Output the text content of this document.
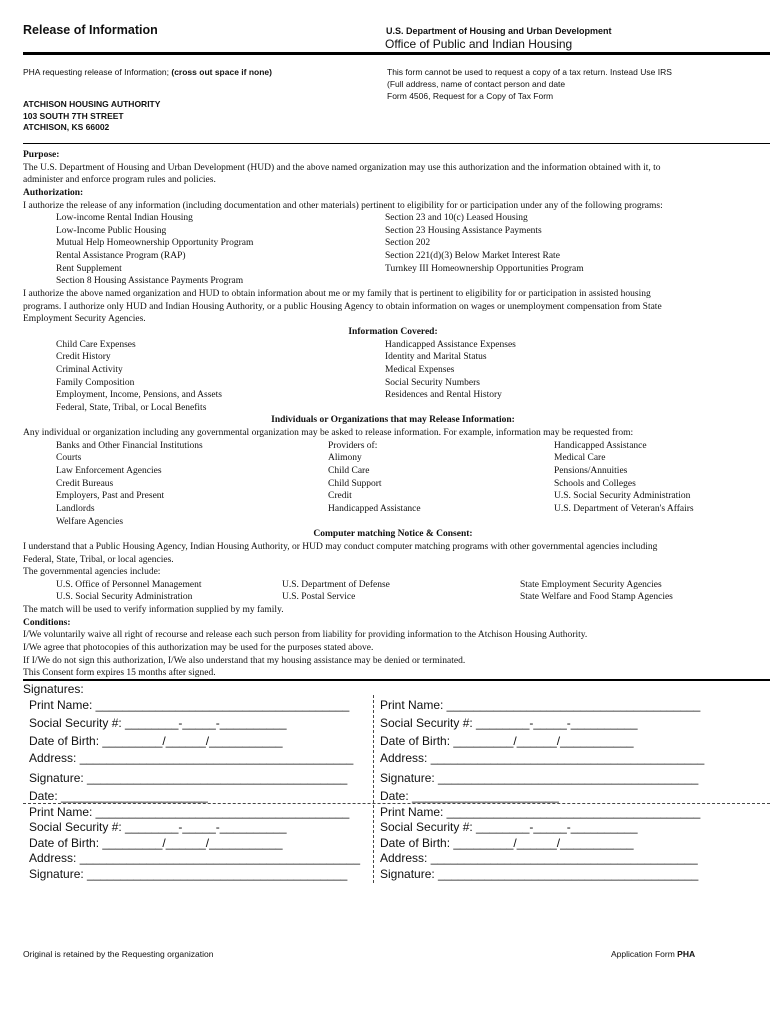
Release of Information	U.S. Department of Housing and Urban Development
Office of Public and Indian Housing
PHA requesting release of Information; (cross out space if none)	This form cannot be used to request a copy of a tax return. Instead Use IRS
(Full address, name of contact person and date
Form 4506, Request for a Copy of Tax Form
ATCHISON HOUSING AUTHORITY
103 SOUTH 7TH STREET
ATCHISON, KS 66002
Purpose:
The U.S. Department of Housing and Urban Development (HUD) and the above named organization may use this authorization and the information obtained with it, to
administer and enforce program rules and policies.
Authorization:
I authorize the release of any information (including documentation and other materials) pertinent to eligibility for or participation under any of the following programs:
Low-income Rental Indian Housing	Section 23 and 10(c) Leased Housing
Low-Income Public Housing	Section 23 Housing Assistance Payments
Mutual Help Homeownership Opportunity Program	Section 202
Rental Assistance Program (RAP)	Section 221(d)(3) Below Market Interest Rate
Rent Supplement	Turnkey III Homeownership Opportunities Program
Section 8 Housing Assistance Payments Program
I authorize the above named organization and HUD to obtain information about me or my family that is pertinent to eligibility for or participation in assisted housing
programs. I authorize only HUD and Indian Housing Authority, or a public Housing Agency to obtain information on wages or unemployment compensation from State
Employment Security Agencies.
Information Covered:
Child Care Expenses	Handicapped Assistance Expenses
Credit History	Identity and Marital Status
Criminal Activity	Medical Expenses
Family Composition	Social Security Numbers
Employment, Income, Pensions, and Assets	Residences and Rental History
Federal, State, Tribal, or Local Benefits
Individuals or Organizations that may Release Information:
Any individual or organization including any governmental organization may be asked to release information. For example, information may be requested from:
Banks and Other Financial Institutions	Providers of:	Handicapped Assistance
Courts	Alimony	Medical Care
Law Enforcement Agencies	Child Care	Pensions/Annuities
Credit Bureaus	Child Support	Schools and Colleges
Employers, Past and Present	Credit	U.S. Social Security Administration
Landlords	Handicapped Assistance	U.S. Department of Veteran's Affairs
Welfare Agencies
Computer matching Notice & Consent:
I understand that a Public Housing Agency, Indian Housing Authority, or HUD may conduct computer matching programs with other governmental agencies including
Federal, State, Tribal, or local agencies.
The governmental agencies include:
U.S. Office of Personnel Management	U.S. Department of Defense	State Employment Security Agencies
U.S. Social Security Administration	U.S. Postal Service	State Welfare and Food Stamp Agencies
The match will be used to verify information supplied by my family.
Conditions:
I/We voluntarily waive all right of recourse and release each such person from liability for providing information to the Atchison Housing Authority.
I/We agree that photocopies of this authorization may be used for the purposes stated above.
If I/We do not sign this authorization, I/We also understand that my housing assistance may be denied or terminated.
This Consent form expires 15 months after signed.
Signatures:
Print Name: ______________________________________
Social Security #: ________-_____-__________
Date of Birth: _________/______/___________
Address: _________________________________________
Signature: _______________________________________
Date: ______________________
Print Name: ______________________________________
Social Security #: ________-_____-__________
Date of Birth: _________/______/___________
Address: _________________________________________
Signature: _______________________________________
Date: ______________________
Print Name: ______________________________________
Social Security #: ________-_____-__________
Date of Birth: _________/______/___________
Address: __________________________________________
Signature: _______________________________________
Print Name: ______________________________________
Social Security #: ________-_____-__________
Date of Birth: _________/______/___________
Address: ________________________________________
Signature: _______________________________________
Original is retained by the Requesting organization	Application Form PHA
